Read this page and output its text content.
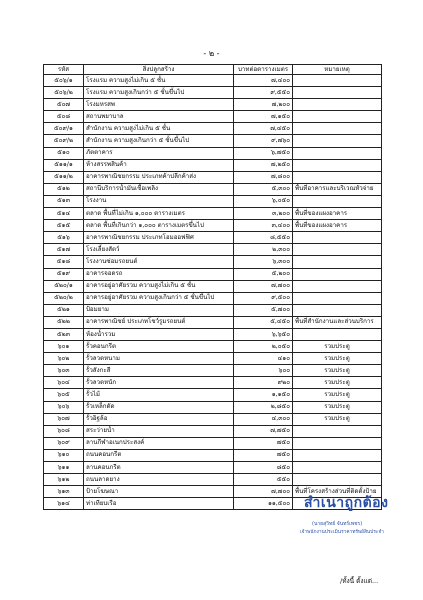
- ๒ -
รหัส	สิ่งปลูกสร้าง	บาทต่อตารางเมตร	หมายเหตุ
๕๐๖/๑	โรงแรม ความสูงไม่เกิน ๕ ชั้น	๗,๔๐๐	
๕๐๖/๒	โรงแรม ความสูงเกินกว่า ๕ ชั้นขึ้นไป	๙,๕๕๐	
๕๐๗	โรงมหรสพ	๗,๒๐๐	
๕๐๘	สถานพยาบาล	๗,๑๕๐	
๕๐๙/๑	สำนักงาน ความสูงไม่เกิน ๕ ชั้น	๗,๔๕๐	
๕๐๙/๒	สำนักงาน ความสูงเกินกว่า ๕ ชั้นขึ้นไป	๙,๗๖๐	
๕๑๐	ภัตตาคาร	๖,๗๕๐	
๕๑๑/๑	ห้างสรรพสินค้า	๗,๒๕๐	
๕๑๑/๒	อาคารพาณิชยกรรม ประเภทค้าปลีกค้าส่ง	๗,๘๐๐	
๕๑๒	สถานีบริการน้ำมันเชื้อเพลิง	๕,๓๐๐	พื้นที่อาคารและบริเวณหัวจ่าย
๕๑๓	โรงงาน	๖,๐๕๐	
๕๑๔	ตลาด พื้นที่ไม่เกิน ๑,๐๐๐ ตารางเมตร	๓,๒๐๐	พื้นที่ของแผงอาคาร
๕๑๕	ตลาด พื้นที่เกินกว่า ๑,๐๐๐ ตารางเมตรขึ้นไป	๓,๔๐๐	พื้นที่ของแผงอาคาร
๕๑๖	อาคารพาณิชยกรรม ประเภทโฮมออฟฟิศ	๘,๕๕๐	
๕๑๗	โรงเลี้ยงสัตว์	๒,๓๐๐	
๕๑๘	โรงงานซ่อมรถยนต์	๖,๓๐๐	
๕๑๙	อาคารจอดรถ	๕,๒๐๐	
๕๒๐/๑	อาคารอยู่อาศัยรวม ความสูงไม่เกิน ๕ ชั้น	๗,๗๐๐	
๕๒๐/๒	อาคารอยู่อาศัยรวม ความสูงเกินกว่า ๕ ชั้นขึ้นไป	๙,๕๐๐	
๕๒๑	ป้อมยาม	๕,๗๐๐	
๕๒๒	อาคารพาณิชย์ ประเภทโชว์รูมรถยนต์	๕,๔๕๐	พื้นที่สำนักงานและส่วนบริการ
๕๒๓	ห้องน้ำรวม	๖,๖๕๐	
๖๐๑	รั้วคอนกรีต	๒,๐๕๐	รวมประตู
๖๐๒	รั้วลวดหนาม	๔๑๐	รวมประตู
๖๐๓	รั้วสังกะสี	๖๐๐	รวมประตู
๖๐๔	รั้วลวดหนัก	๙๒๐	รวมประตู
๖๐๕	รั้วไม้	๑,๑๕๐	รวมประตู
๖๐๖	รั้วเหล็กดัด	๒,๘๕๐	รวมประตู
๖๐๗	รั้วอิฐล้อ	๔,๓๐๐	รวมประตู
๖๐๘	สระว่ายน้ำ	๗,๗๕๐	
๖๐๙	ลานกีฬาอเนกประสงค์	๗๕๐	
๖๑๐	ถนนคอนกรีต	๗๕๐	
๖๑๑	ลานคอนกรีต	๘๕๐	
๖๑๒	ถนนลาดยาง	๕๕๐	
๖๑๓	ป้ายโฆษณา	๗,๗๐๐	พื้นที่โครงสร้างส่วนที่ติดตั้งป้าย
๖๑๔	ท่าเทียบเรือ	๑๑,๕๐๐	สำเนาถูกต้อง
(นายสุวิทย์ จันทร์เพชร)
เจ้าพนักงานประเมินราคาทรัพย์สินประจำ
/ทั้งนี้ ตั้งแต่...
